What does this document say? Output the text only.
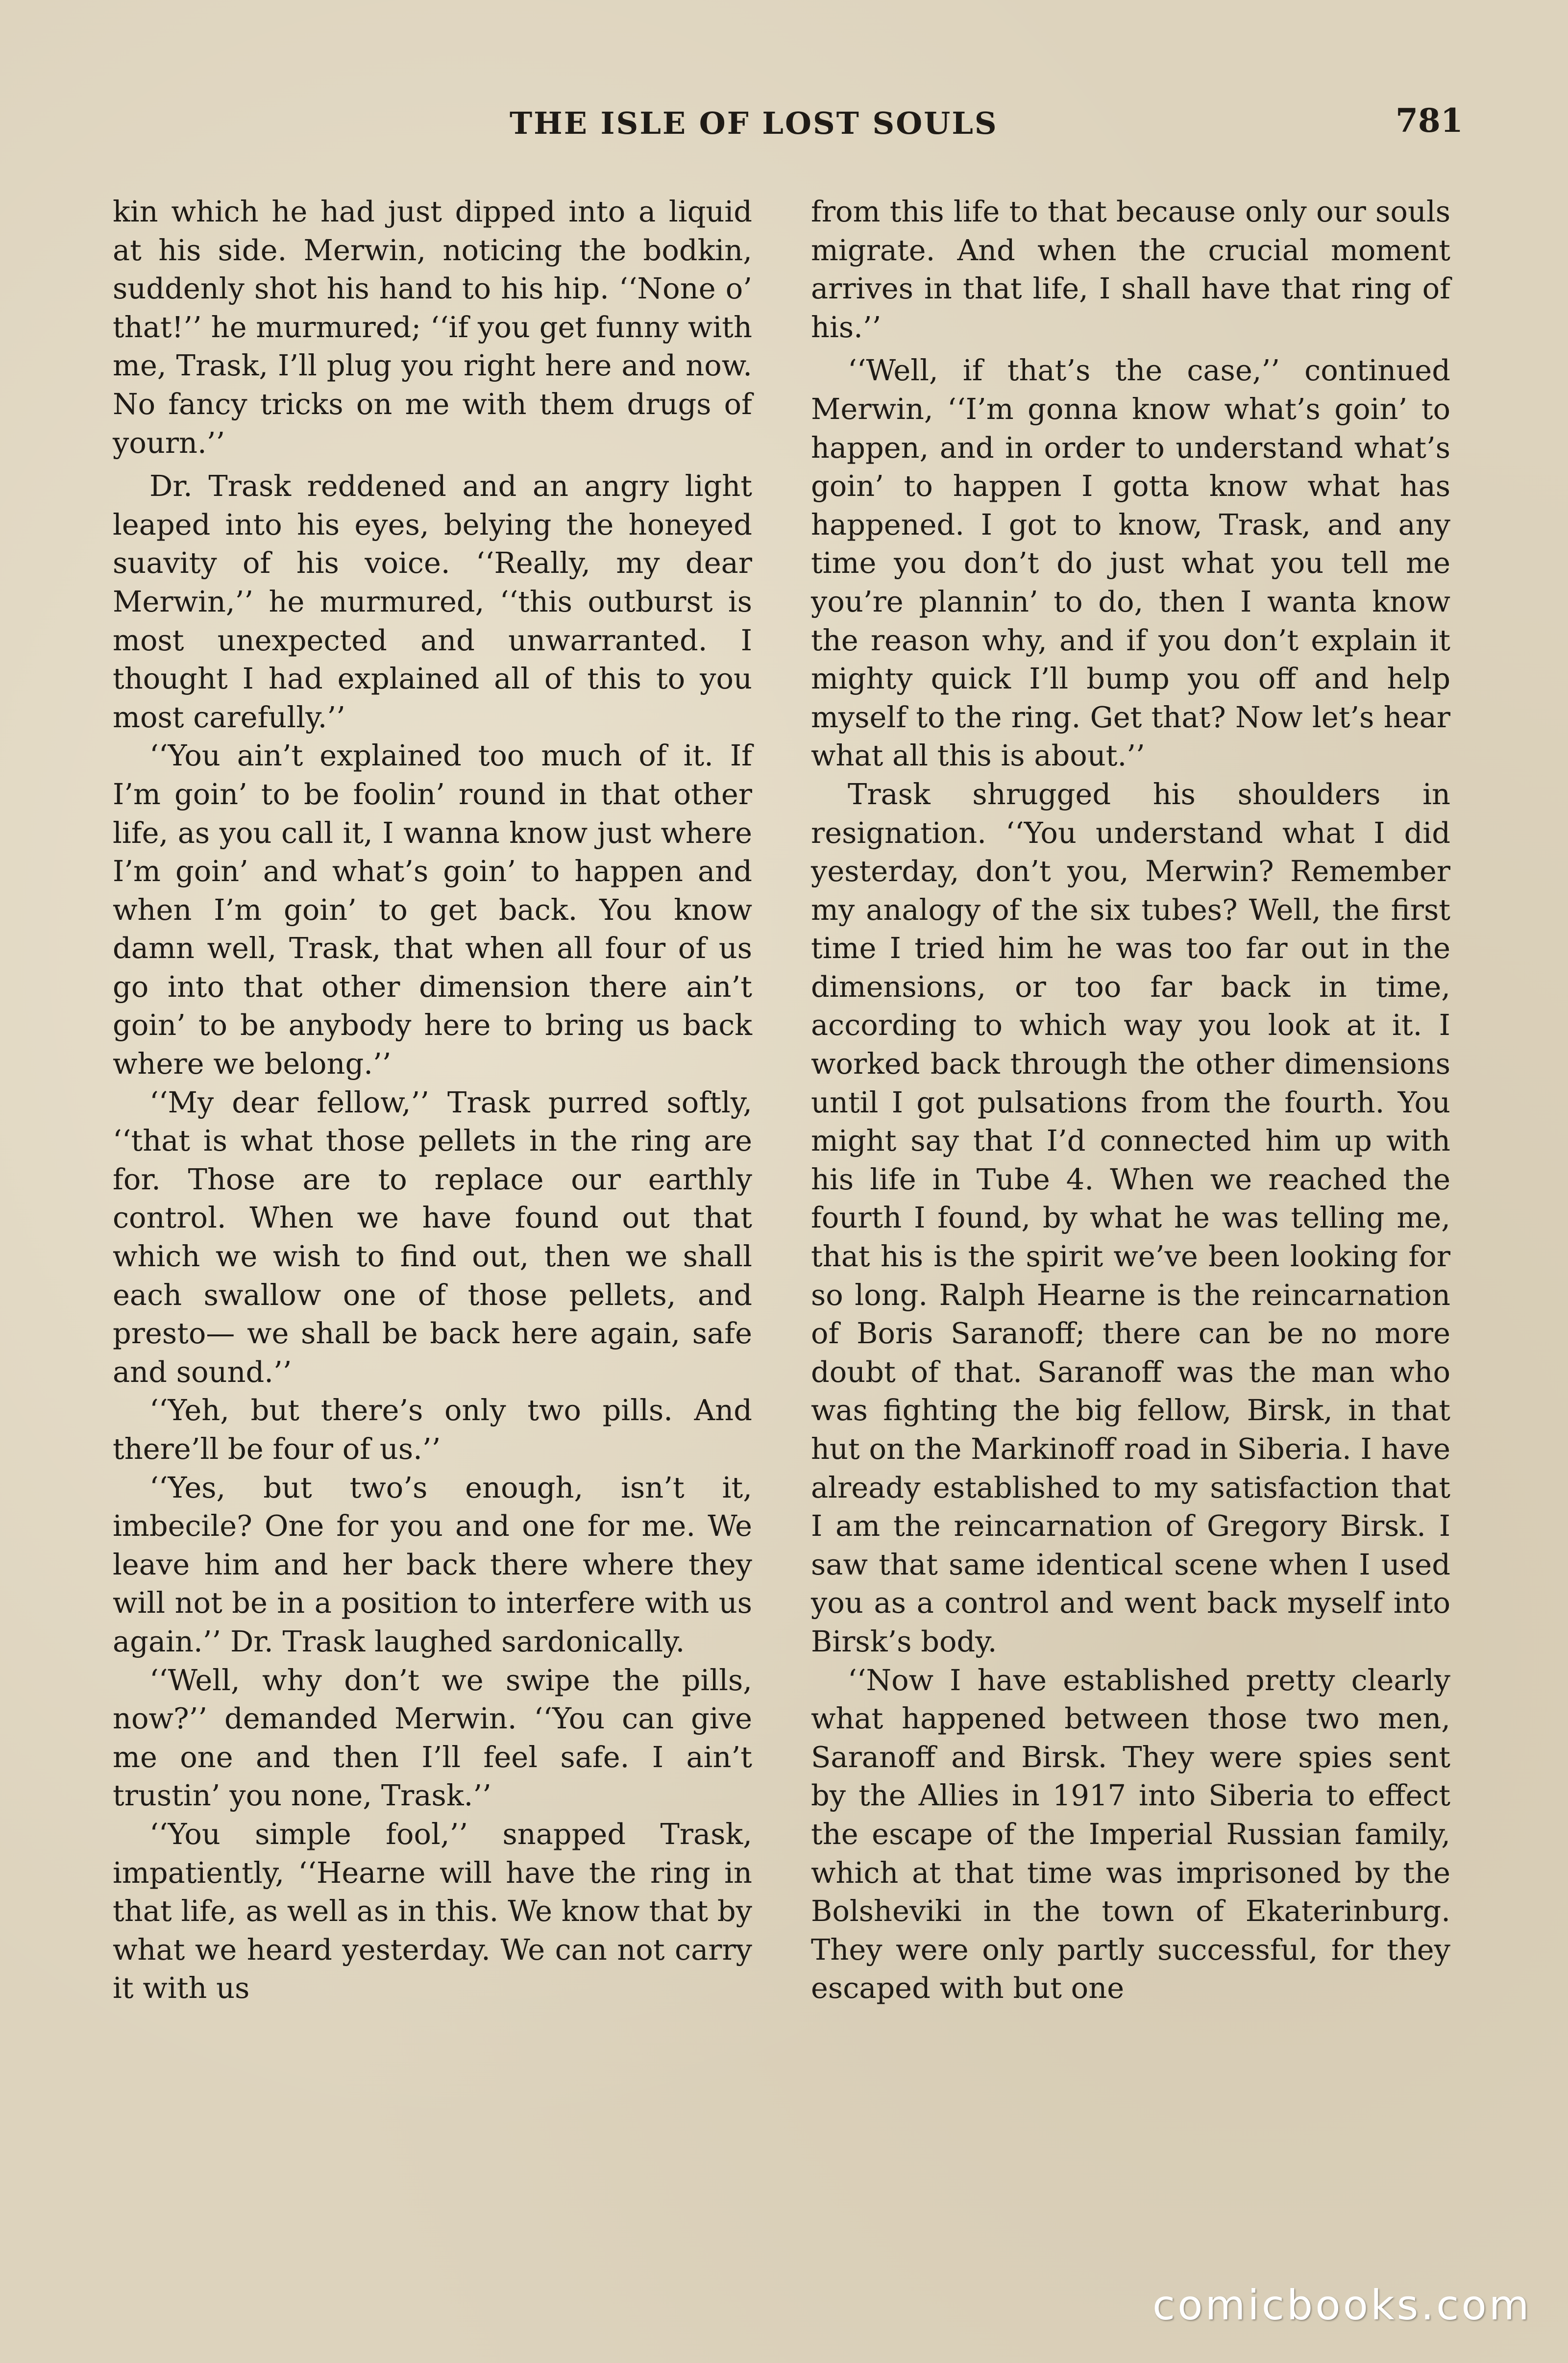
THE ISLE OF LOST SOULS	781

kin which he had just dipped into a liquid at his side. Merwin, noticing the bodkin, suddenly shot his hand to his hip. ‘‘None o’ that!’’ he murmured; ‘‘if you get funny with me, Trask, I’ll plug you right here and now. No fancy tricks on me with them drugs of yourn.’’

Dr. Trask reddened and an angry light leaped into his eyes, belying the honeyed suavity of his voice. ‘‘Really, my dear Merwin,’’ he murmured, ‘‘this outburst is most unexpected and unwarranted. I thought I had explained all of this to you most carefully.’’

‘‘You ain’t explained too much of it. If I’m goin’ to be foolin’ round in that other life, as you call it, I wanna know just where I’m goin’ and what’s goin’ to happen and when I’m goin’ to get back. You know damn well, Trask, that when all four of us go into that other dimension there ain’t goin’ to be anybody here to bring us back where we belong.’’

‘‘My dear fellow,’’ Trask purred softly, ‘‘that is what those pellets in the ring are for. Those are to replace our earthly control. When we have found out that which we wish to find out, then we shall each swallow one of those pellets, and presto— we shall be back here again, safe and sound.’’

‘‘Yeh, but there’s only two pills. And there’ll be four of us.’’

‘‘Yes, but two’s enough, isn’t it, imbecile? One for you and one for me. We leave him and her back there where they will not be in a position to interfere with us again.’’ Dr. Trask laughed sardonically.

‘‘Well, why don’t we swipe the pills, now?’’ demanded Merwin. ‘‘You can give me one and then I’ll feel safe. I ain’t trustin’ you none, Trask.’’

‘‘You simple fool,’’ snapped Trask, impatiently, ‘‘Hearne will have the ring in that life, as well as in this. We know that by what we heard yesterday. We can not carry it with us

from this life to that because only our souls migrate. And when the crucial moment arrives in that life, I shall have that ring of his.’’

‘‘Well, if that’s the case,’’ continued Merwin, ‘‘I’m gonna know what’s goin’ to happen, and in order to understand what’s goin’ to happen I gotta know what has happened. I got to know, Trask, and any time you don’t do just what you tell me you’re plannin’ to do, then I wanta know the reason why, and if you don’t explain it mighty quick I’ll bump you off and help myself to the ring. Get that? Now let’s hear what all this is about.’’

Trask shrugged his shoulders in resignation. ‘‘You understand what I did yesterday, don’t you, Merwin? Remember my analogy of the six tubes? Well, the first time I tried him he was too far out in the dimensions, or too far back in time, according to which way you look at it. I worked back through the other dimensions until I got pulsations from the fourth. You might say that I’d connected him up with his life in Tube 4. When we reached the fourth I found, by what he was telling me, that his is the spirit we’ve been looking for so long. Ralph Hearne is the reincarnation of Boris Saranoff; there can be no more doubt of that. Saranoff was the man who was fighting the big fellow, Birsk, in that hut on the Markinoff road in Siberia. I have already established to my satisfaction that I am the reincarnation of Gregory Birsk. I saw that same identical scene when I used you as a control and went back myself into Birsk’s body.

‘‘Now I have established pretty clearly what happened between those two men, Saranoff and Birsk. They were spies sent by the Allies in 1917 into Siberia to effect the escape of the Imperial Russian family, which at that time was imprisoned by the Bolsheviki in the town of Ekaterinburg. They were only partly successful, for they escaped with but one

comicbooks.com
